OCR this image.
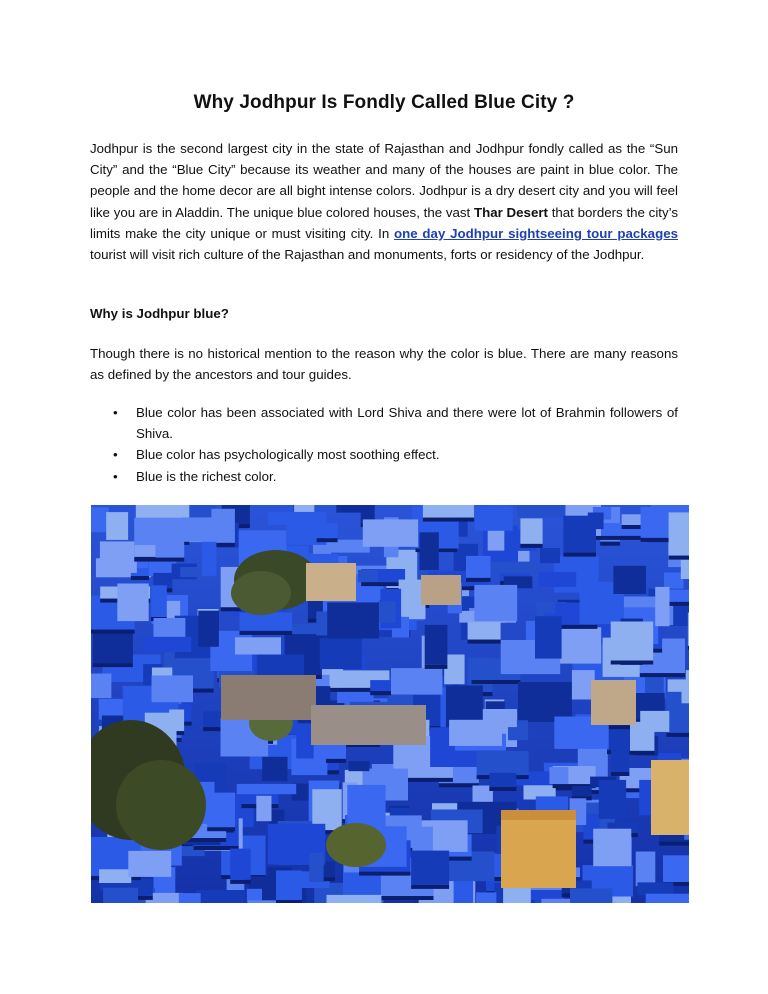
Why Jodhpur Is Fondly Called Blue City ?

Jodhpur is the second largest city in the state of Rajasthan and Jodhpur fondly called as the “Sun City” and the “Blue City” because its weather and many of the houses are paint in blue color. The people and the home decor are all bight intense colors. Jodhpur is a dry desert city and you will feel like you are in Aladdin. The unique blue colored houses, the vast Thar Desert that borders the city’s limits make the city unique or must visiting city. In one day Jodhpur sightseeing tour packages tourist will visit rich culture of the Rajasthan and monuments, forts or residency of the Jodhpur.

Why is Jodhpur blue?

Though there is no historical mention to the reason why the color is blue. There are many reasons as defined by the ancestors and tour guides.

• Blue color has been associated with Lord Shiva and there were lot of Brahmin followers of Shiva.
• Blue color has psychologically most soothing effect.
• Blue is the richest color.
